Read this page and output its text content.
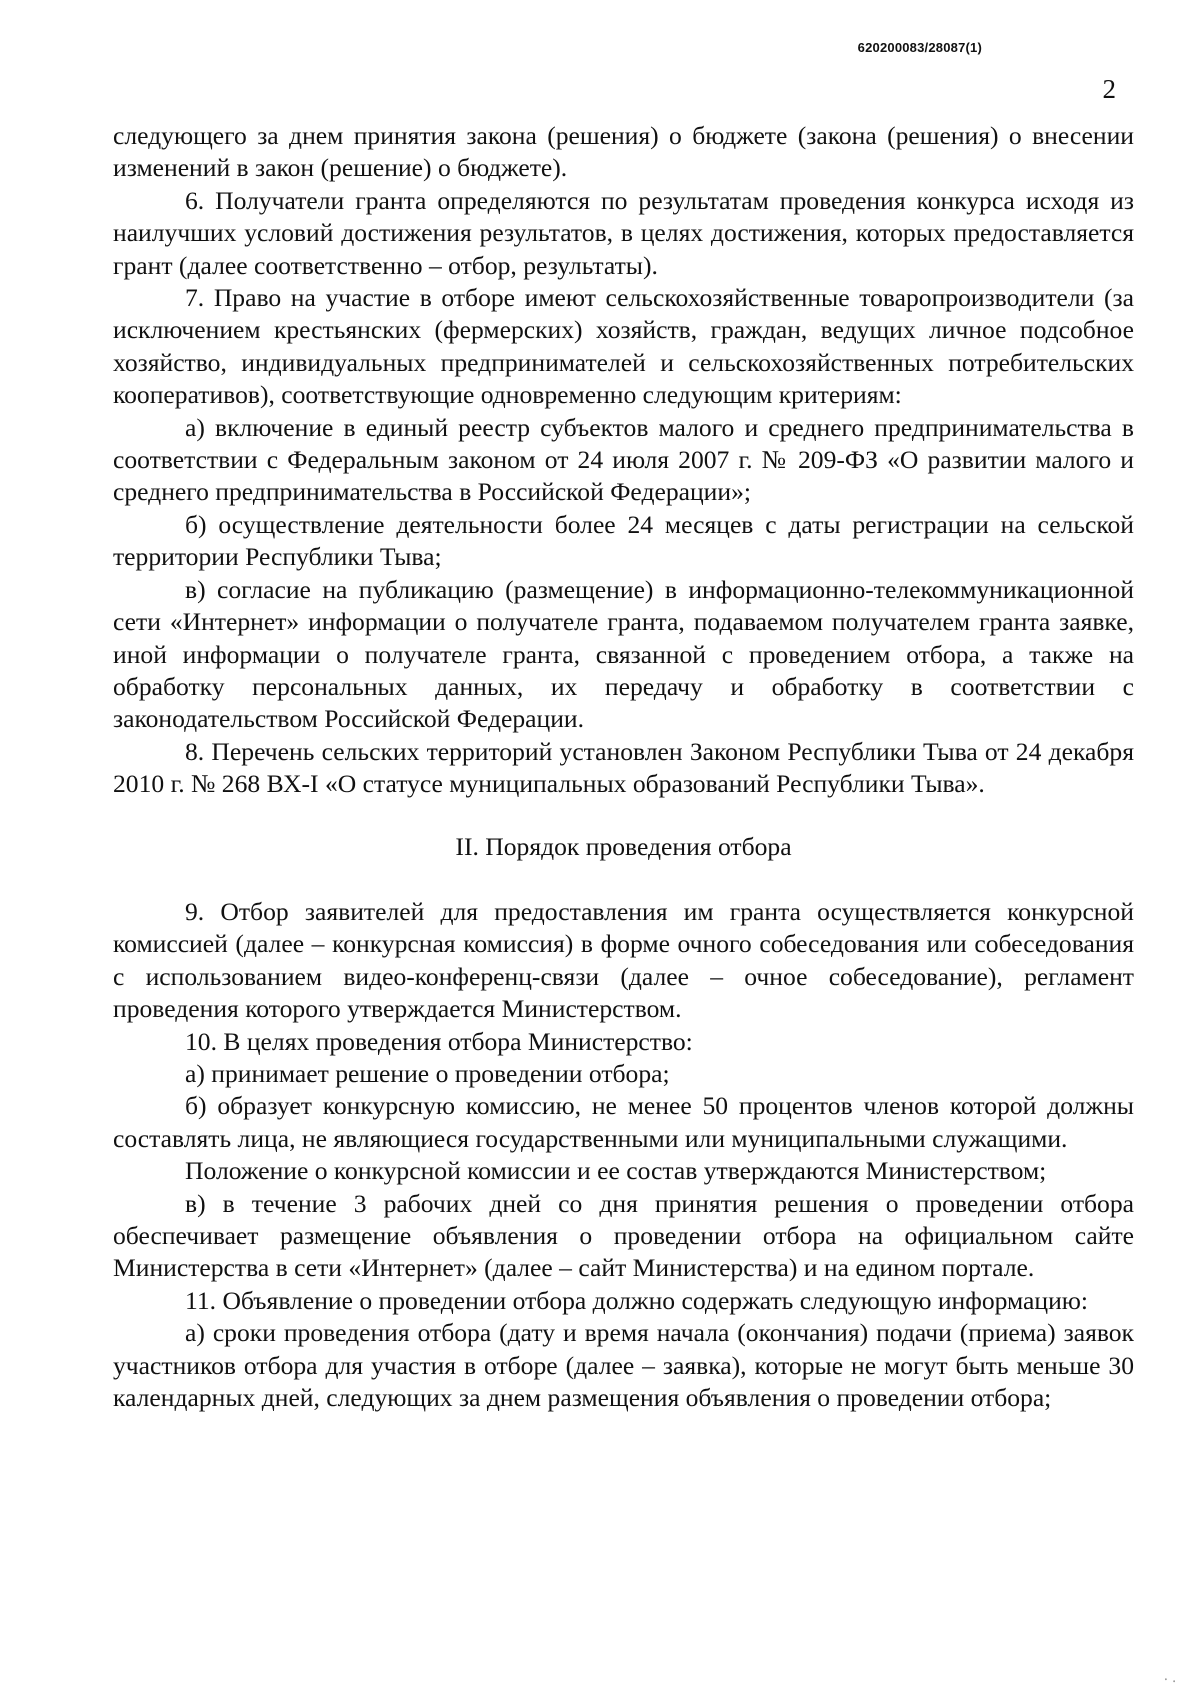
620200083/28087(1)
2

следующего за днем принятия закона (решения) о бюджете (закона (решения) о внесении изменений в закон (решение) о бюджете).

6. Получатели гранта определяются по результатам проведения конкурса исходя из наилучших условий достижения результатов, в целях достижения, которых предоставляется грант (далее соответственно – отбор, результаты).

7. Право на участие в отборе имеют сельскохозяйственные товаропроизводители (за исключением крестьянских (фермерских) хозяйств, граждан, ведущих личное подсобное хозяйство, индивидуальных предпринимателей и сельскохозяйственных потребительских кооперативов), соответствующие одновременно следующим критериям:

а) включение в единый реестр субъектов малого и среднего предпринимательства в соответствии с Федеральным законом от 24 июля 2007 г. № 209-ФЗ «О развитии малого и среднего предпринимательства в Российской Федерации»;

б) осуществление деятельности более 24 месяцев с даты регистрации на сельской территории Республики Тыва;

в) согласие на публикацию (размещение) в информационно-телекоммуникационной сети «Интернет» информации о получателе гранта, подаваемом получателем гранта заявке, иной информации о получателе гранта, связанной с проведением отбора, а также на обработку персональных данных, их передачу и обработку в соответствии с законодательством Российской Федерации.

8. Перечень сельских территорий установлен Законом Республики Тыва от 24 декабря 2010 г. № 268 ВХ-I «О статусе муниципальных образований Республики Тыва».

II. Порядок проведения отбора

9. Отбор заявителей для предоставления им гранта осуществляется конкурсной комиссией (далее – конкурсная комиссия) в форме очного собеседования или собеседования с использованием видео-конференц-связи (далее – очное собеседование), регламент проведения которого утверждается Министерством.

10. В целях проведения отбора Министерство:

а) принимает решение о проведении отбора;

б) образует конкурсную комиссию, не менее 50 процентов членов которой должны составлять лица, не являющиеся государственными или муниципальными служащими.

Положение о конкурсной комиссии и ее состав утверждаются Министерством;

в) в течение 3 рабочих дней со дня принятия решения о проведении отбора обеспечивает размещение объявления о проведении отбора на официальном сайте Министерства в сети «Интернет» (далее – сайт Министерства) и на едином портале.

11. Объявление о проведении отбора должно содержать следующую информацию:

а) сроки проведения отбора (дату и время начала (окончания) подачи (приема) заявок участников отбора для участия в отборе (далее – заявка), которые не могут быть меньше 30 календарных дней, следующих за днем размещения объявления о проведении отбора;

⸱ ⸳
